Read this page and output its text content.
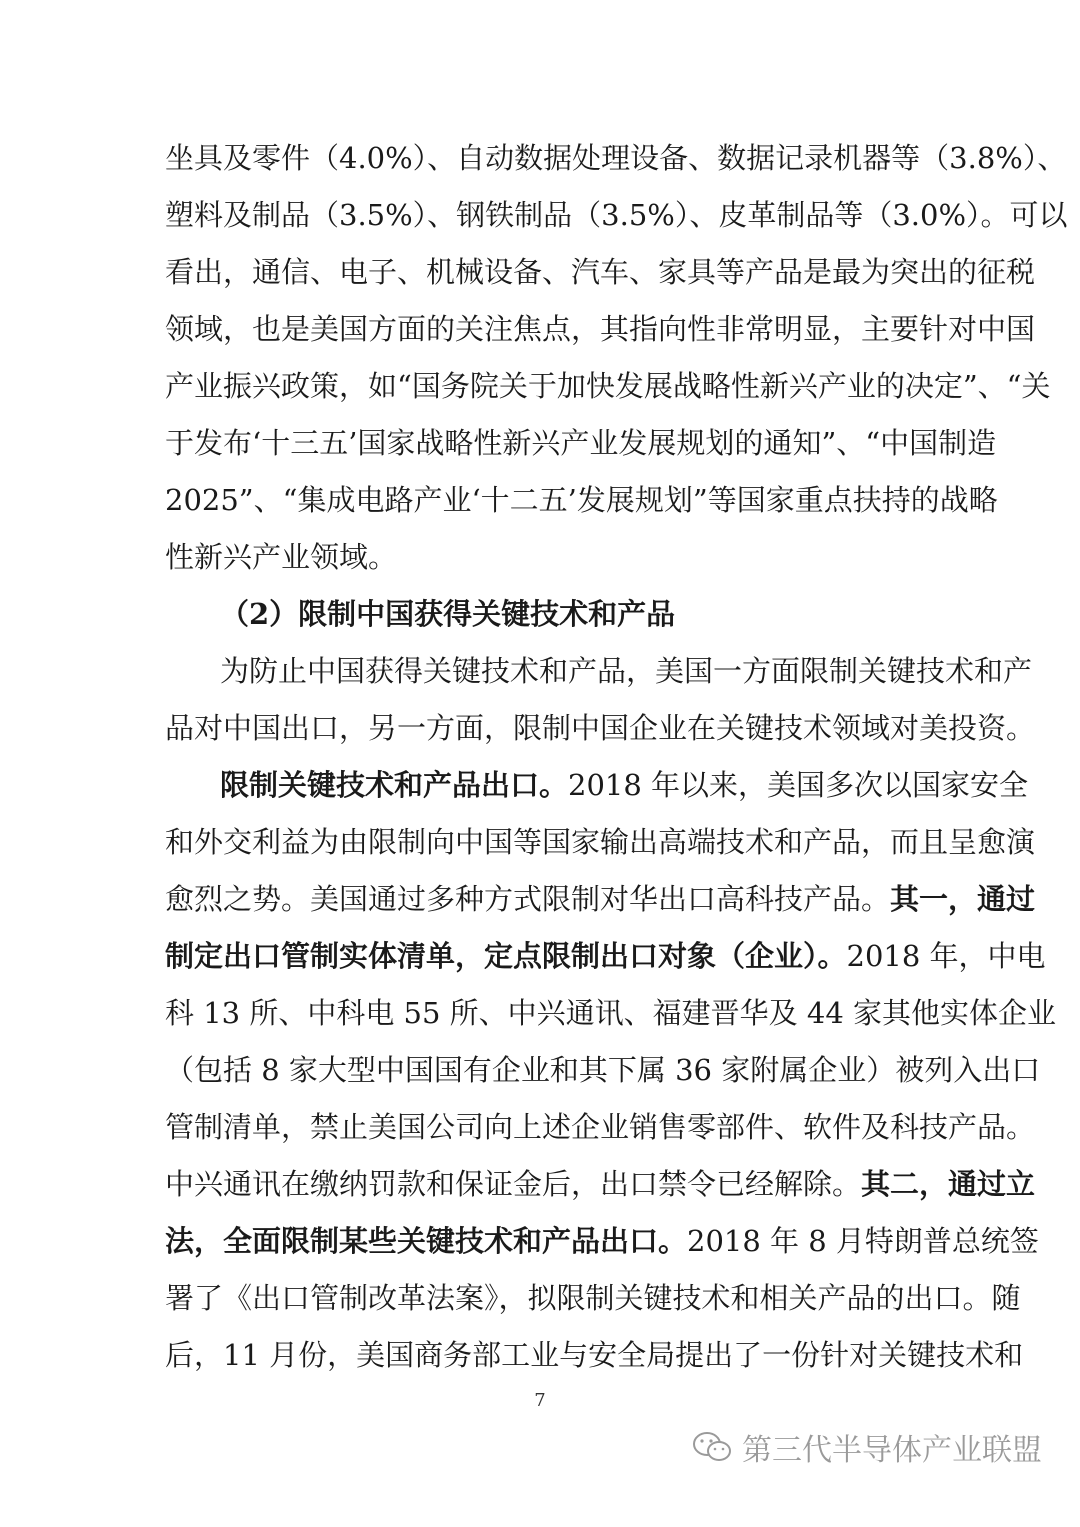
坐具及零件（4.0%）、自动数据处理设备、数据记录机器等（3.8%）、
塑料及制品（3.5%）、钢铁制品（3.5%）、皮革制品等（3.0%）。可以
看出，通信、电子、机械设备、汽车、家具等产品是最为突出的征税
领域，也是美国方面的关注焦点，其指向性非常明显，主要针对中国
产业振兴政策，如“国务院关于加快发展战略性新兴产业的决定”、“关
于发布‘十三五’国家战略性新兴产业发展规划的通知”、“中国制造
2025”、“集成电路产业‘十二五’发展规划”等国家重点扶持的战略
性新兴产业领域。
（2）限制中国获得关键技术和产品
为防止中国获得关键技术和产品，美国一方面限制关键技术和产
品对中国出口，另一方面，限制中国企业在关键技术领域对美投资。
限制关键技术和产品出口。2018 年以来，美国多次以国家安全
和外交利益为由限制向中国等国家输出高端技术和产品，而且呈愈演
愈烈之势。美国通过多种方式限制对华出口高科技产品。其一，通过
制定出口管制实体清单，定点限制出口对象（企业）。2018 年，中电
科 13 所、中科电 55 所、中兴通讯、福建晋华及 44 家其他实体企业
（包括 8 家大型中国国有企业和其下属 36 家附属企业）被列入出口
管制清单，禁止美国公司向上述企业销售零部件、软件及科技产品。
中兴通讯在缴纳罚款和保证金后，出口禁令已经解除。其二，通过立
法，全面限制某些关键技术和产品出口。2018 年 8 月特朗普总统签
署了《出口管制改革法案》，拟限制关键技术和相关产品的出口。随
后，11 月份，美国商务部工业与安全局提出了一份针对关键技术和
7
第三代半导体产业联盟
